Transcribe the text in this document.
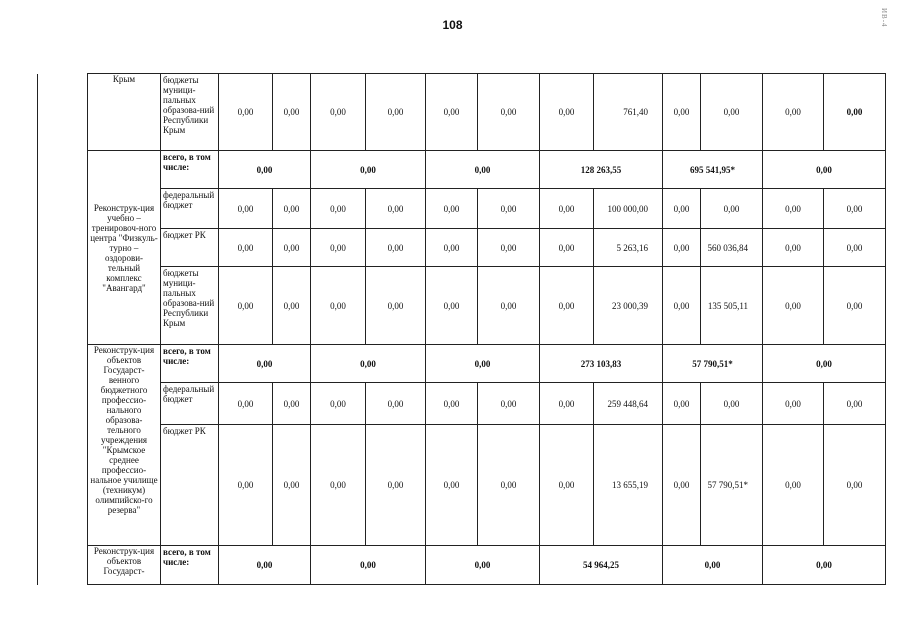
108	ИВ-4
	Крым	бюджеты муници-пальных образова-ний Республики Крым	0,00	0,00	0,00	0,00	0,00	0,00	0,00	761,40	0,00	0,00	0,00	0,00
	Реконструк-ция учебно – тренировоч-ного центра "Физкуль-турно – оздорови-тельный комплекс "Авангард"	всего, в том числе:	0,00		0,00		0,00		128 263,55		695 541,95*		0,00	
		федеральный бюджет	0,00	0,00	0,00	0,00	0,00	0,00	0,00	100 000,00	0,00	0,00	0,00	0,00
		бюджет РК	0,00	0,00	0,00	0,00	0,00	0,00	0,00	5 263,16	0,00	560 036,84	0,00	0,00
		бюджеты муници-пальных образова-ний Республики Крым	0,00	0,00	0,00	0,00	0,00	0,00	0,00	23 000,39	0,00	135 505,11	0,00	0,00
	Реконструк-ция объектов Государст-венного бюджетного профессио-нального образова-тельного учреждения "Крымское среднее профессио-нальное училище (техникум) олимпийско-го резерва"	всего, в том числе:	0,00		0,00		0,00		273 103,83		57 790,51*		0,00	
		федеральный бюджет	0,00	0,00	0,00	0,00	0,00	0,00	0,00	259 448,64	0,00	0,00	0,00	0,00
		бюджет РК	0,00	0,00	0,00	0,00	0,00	0,00	0,00	13 655,19	0,00	57 790,51*	0,00	0,00
	Реконструк-ция объектов Государст-	всего, в том числе:	0,00		0,00		0,00		54 964,25		0,00		0,00	
